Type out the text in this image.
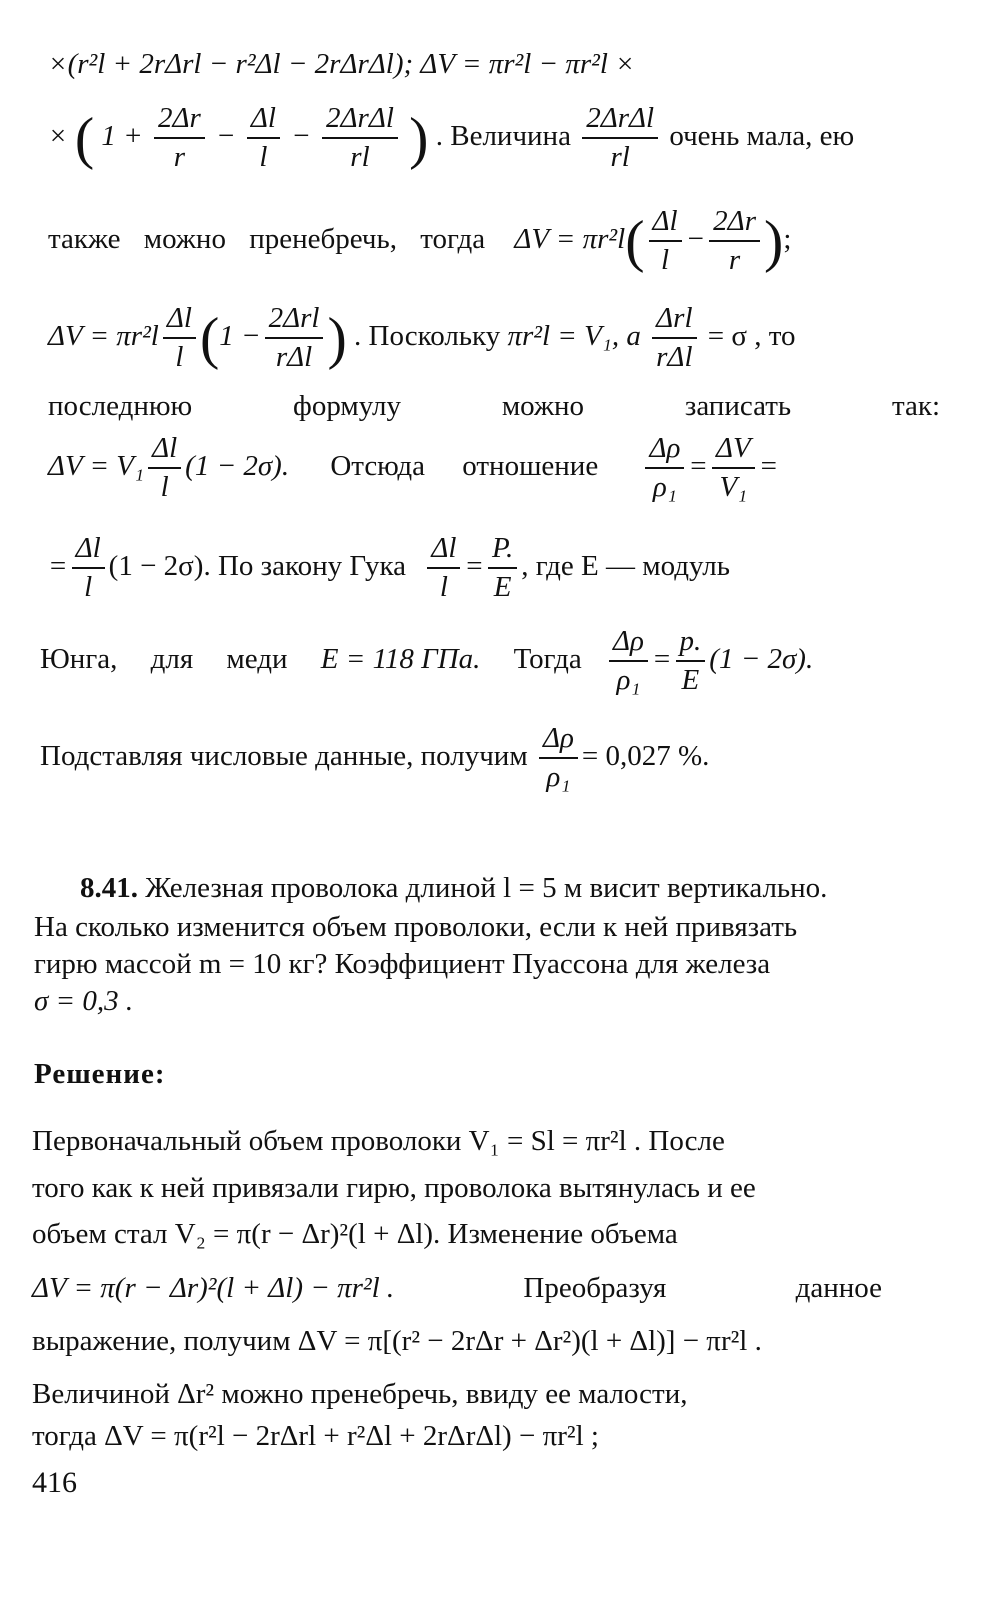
×(r²l + 2rΔrl − r²Δl − 2rΔrΔl); ΔV = πr²l − πr²l ×
× ( $1 + \frac{2\Delta r}{r} - \frac{\Delta l}{l} - \frac{\text{2ΔrΔl}}{rl}$ ) . Величина $\frac{\text{2ΔrΔl}}{rl}$ очень мала, ею
также можно пренебречь, тогда $\Delta V = \pi r^2l( \frac{\Delta l}{l} - \frac{2\Delta r}{r}$ );
$\Delta V = \pi r^2l \frac{\Delta l}{l} (1 - \frac{\text{2Δrl}}{\text{rΔl}}$ ) . Поскольку πr²l = V₁, а $\frac{\text{Δrl}}{\text{rΔl}} = \sigma$ , то
последнюю	формулу	можно	записать	так:
$\Delta V = V_1 \frac{\Delta l}{l} (1 - 2\sigma)$. Отсюда отношение $\frac{\Delta\rho}{\text{ρ₁}} = \frac{\Delta V}{\text{V₁}}$ =
= $\frac{\Delta l}{l} (1 - 2\sigma)$. По закону Гука $\frac{\Delta l}{l} = \frac{P.}{E}$ , где E — модуль
Юнга, для меди E = 118 ГПа. Тогда $\frac{\Delta\rho}{\text{ρ₁}} = \frac{p.}{E} (1 - 2\sigma)$.
Подставляя числовые данные, получим $\frac{\Delta\rho}{\text{ρ₁}} = 0,027$ %.
8.41. Железная проволока длиной l = 5 м висит вертикально.
На сколько изменится объем проволоки, если к ней привязать
гирю массой m = 10 кг? Коэффициент Пуассона для железа
σ = 0,3 .
Решение:
Первоначальный объем проволоки V₁ = Sl = πr²l . После
того как к ней привязали гирю, проволока вытянулась и ее
объем стал V₂ = π(r − Δr)²(l + Δl). Изменение объема
ΔV = π(r − Δr)²(l + Δl) − πr²l .	Преобразуя	данное
выражение, получим ΔV = π[(r² − 2rΔr + Δr²)(l + Δl)] − πr²l .
Величиной Δr² можно пренебречь, ввиду ее малости,
тогда ΔV = π(r²l − 2rΔrl + r²Δl + 2rΔrΔl) − πr²l ;
416
